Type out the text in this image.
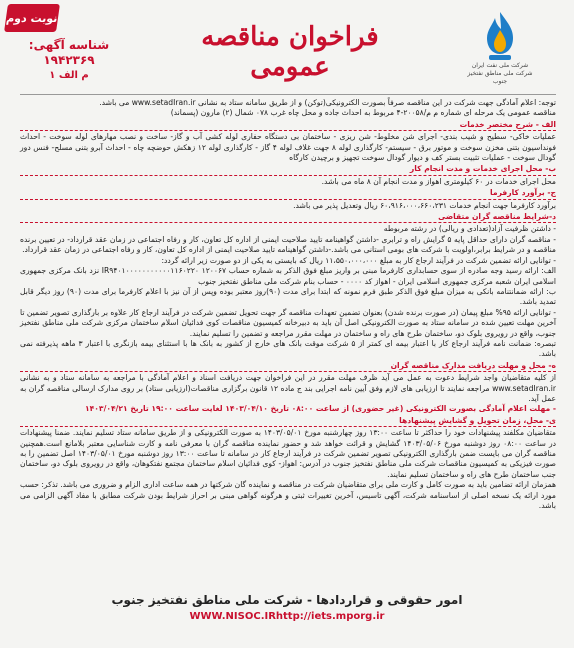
نوبت دوم
شناسه آگهی: ۱۹۴۲۳۶۹
م الف ۱
فراخوان مناقصه عمومی	شرکت ملی نفت ایران
شرکت ملی مناطق نفتخیز جنوب

توجه: اعلام آمادگی جهت شرکت در این مناقصه صرفاً بصورت الکترونیکی(توکن) و از طریق سامانه ستاد به نشانی www.setadIran.ir می باشد.

مناقصه عمومی یک مرحله ای شماره م م/۲۰۰۵۸-۴ مربوط به احداث جاده و محل چاه غرب ۰۷۸ شمال (۲) مارون (پسماند)

الف - شرح مختصر خدمات

عملیات خاکی- سطیح و شیب بندی- اجرای شن مخلوط- شن ریزی - ساختمان بی دستگاه حفاری لوله کشی آب و گاز- ساخت و نصب مهارهای لوله سوخت - احداث فونداسیون بتنی مخزن سوخت و موتور برق - سیستم- کارگذاری لوله ۸ جهت غلاف لوله ۴ گاز - کارگذاری لوله ۱۲ زهکش حوضچه چاه - احداث آبرو بتنی مسلح- فنس دور گودال سوخت - عملیات تثبیت بستر کف و دیوار گودال سوخت تجهیز و برچیدن کارگاه

ب- محل اجرای خدمات و مدت انجام کار

محل اجرای خدمات در ۶۰ کیلومتری اهواز و مدت انجام آن ۸ ماه می باشد.

ج- برآورد کارفرما

برآورد کارفرما جهت انجام خدمات ۶۰،۹۱۶،۰۰۰،۶۶۰،۲۳۱ ریال وتعدیل پذیر می باشد.

د-شرایط مناقصه گران متقاضی

- داشتن ظرفیت آزاد(تعدادی و ریالی) در رشته مربوطه

- مناقصه گران دارای حداقل پایه ۵ گرایش راه و ترابری -داشتن گواهینامه تایید صلاحیت ایمنی از اداره کل تعاون، کار و رفاه اجتماعی در زمان عقد قرارداد- در تعیین برنده مناقصه و در شرایط برابر،اولویت با شرکت های بومی استانی می باشد.-داشتن گواهینامه تایید صلاحیت ایمنی از اداره کل تعاون، کار و رفاه اجتماعی در زمان عقد قرارداد.

- توانایی ارائه تضمین شرکت در فرآیند ارجاع کار به مبلغ ۱۱،۵۵۰،۰۰۰،۰۰۰ ریال که بایستی به یکی از دو صورت زیر ارائه گردد:

الف: ارائه رسید وجه صادره از سوی حسابداری کارفرما مبنی بر واریز مبلغ فوق الذکر به شماره حساب ۱۲۰۰۶۷ IR۹۴۰۱۰۰۰۰۰۰۰۰۰۰۰۱۱۶۰۲۲۰ نزد بانک مرکزی جمهوری اسلامی ایران شعبه مرکزی جمهوری اسلامی ایران - اهواز کد ۰۰۰۰ - حساب بنام شرکت ملی مناطق نفتخیز جنوب

ب: ارائه ضمانتنامه بانکی به میزان مبلغ فوق الذکر طبق فرم نمونه که ابتدا برای مدت (۹۰)روز معتبر بوده وپس از آن نیز با اعلام کارفرما برای مدت (۹۰) روز دیگر قابل تمدید باشد.

- توانایی ارائه ۹۵% مبلغ پیمان (در صورت برنده شدن) بعنوان تضمین تعهدات مناقصه گر جهت تحویل تضمین شرکت در فرآیند ارجاع کار علاوه بر بارگذاری تصویر تضمین تا آخرین مهلت تعیین شده در سامانه ستاد به صورت الکترونیکی اصل آن باید به دبیرخانه کمیسیون مناقصات کوی فدائیان اسلام ساختمان مرکزی شرکت ملی مناطق نفتخیز جنوب، واقع در رویروی بلوک دو، ساختمان طرح های راه و ساختمان در مهلت مقرر مراجعه و تضمین را تسلیم نمایند.

تبصره: ضمانت نامه فرآیند ارجاع کار با اعتبار بیمه ای کمتر از ۵ شرکت موقت بانک های خارج از کشور به بانک ها با استثنای بیمه بازنگری با اعتبار ۳ ماهه پذیرفته نمی باشد.

ه- محل و مهلت دریافت مدارک مناقصه گران

از کلیه متقاضیان واجد شرایط دعوت به عمل می آید ظرف مهلت مقرر در این فراخوان جهت دریافت اسناد و اعلام آمادگی با مراجعه به سامانه ستاد و به نشانی www.setadIran.ir مراجعه نمایند تا ارزیابی های لازم وفق آیین نامه اجرایی بند ج ماده ۱۲ قانون برگزاری مناقصات(ارزیابی ستاد) بر روی مدارک ارسالی مناقصه گران به عمل آید.

- مهلت اعلام آمادگی بصورت الکترونیکی (غیر حضوری) از ساعت ۰۸:۰۰ تاریخ ۱۴۰۳/۰۴/۱۰ لغایت ساعت ۱۹:۰۰ تاریخ ۱۴۰۳/۰۴/۲۱

ی- محل، زمان تحویل و گشایش پیشنهادها

متقاضیان مکلفند پیشنهادات خود را حداکثر تا ساعت ۱۳:۰۰ روز چهارشنبه مورخ ۱۴۰۳/۰۵/۰۱ به صورت الکترونیکی و از طریق سامانه ستاد تسلیم نمایند. ضمنا پیشنهادات در ساعت ۰۸:۰۰ روز دوشنبه مورخ ۱۴۰۳/۰۵/۰۶ گشایش و قرائت خواهد شد و حضور نماینده مناقصه گران با معرفی نامه و کارت شناسایی معتبر بلامانع است.همچنین مناقصه گران می بایست ضمن بارگذاری الکترونیکی تصویر تضمین شرکت در فرآیند ارجاع کار در سامانه تا ساعت ۱۳:۰۰ روز دوشنبه مورخ ۱۴۰۳/۰۵/۰۱ اصل تضمین را به صورت فیزیکی به کمیسیون مناقصات شرکت ملی مناطق نفتخیز جنوب در آدرس: اهواز- کوی فدائیان اسلام ساختمان مجتمع نفتکوهان، واقع در رویروی بلوک دو، ساختمان جنب ساختمان طرح های راه و ساختمان تسلیم نمایند.

همزمان ارائه تضامین باید به صورت کامل و کارت ملی برای متقاضیان شرکت در مناقصه و نماینده گان شرکتها در همه ساعت اداری الزام و ضروری می باشد. تذکر: حسب مورد ارائه یک نسخه اصلی از اساسنامه شرکت، آگهی تاسیس، آخرین تغییرات ثبتی و هرگونه گواهی مبنی بر احراز شرایط بودن شرکت مطابق با مفاد آگهی الزامی می باشد.

امور حقوقی و قراردادها - شرکت ملی مناطق نفتخیز جنوب
WWW.NISOC.IRhttp://iets.mporg.ir
